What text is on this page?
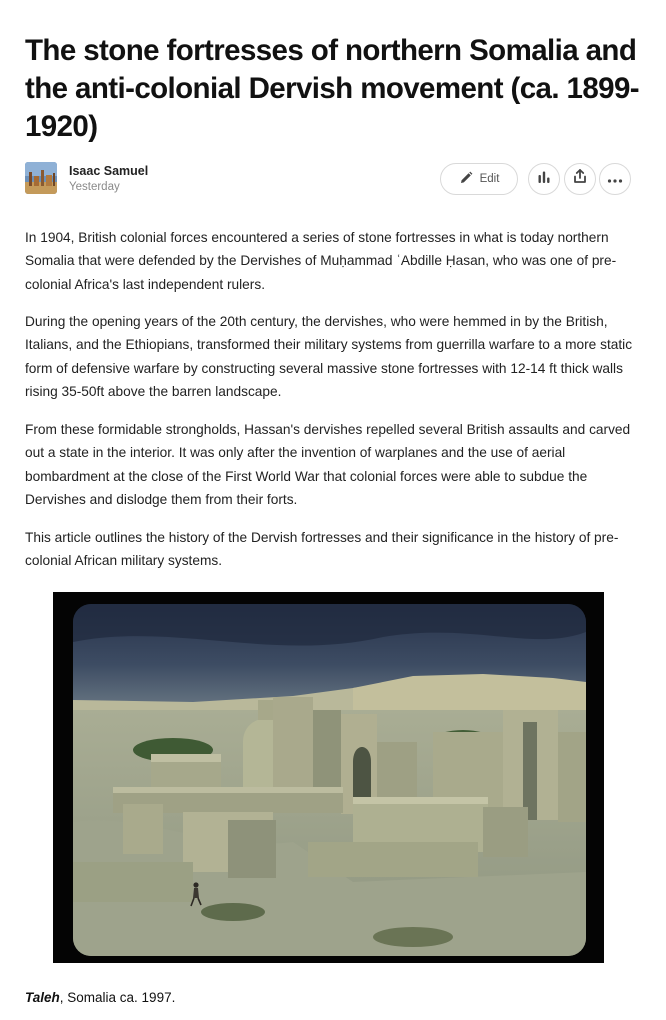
The stone fortresses of northern Somalia and the anti-colonial Dervish movement (ca. 1899-1920)
Isaac Samuel
Yesterday
Edit

In 1904, British colonial forces encountered a series of stone fortresses in what is today northern Somalia that were defended by the Dervishes of Muḥammad ʿAbdille Ḥasan, who was one of pre-colonial Africa's last independent rulers.

During the opening years of the 20th century, the dervishes, who were hemmed in by the British, Italians, and the Ethiopians, transformed their military systems from guerrilla warfare to a more static form of defensive warfare by constructing several massive stone fortresses with 12-14 ft thick walls rising 35-50ft above the barren landscape.

From these formidable strongholds, Hassan's dervishes repelled several British assaults and carved out a state in the interior. It was only after the invention of warplanes and the use of aerial bombardment at the close of the First World War that colonial forces were able to subdue the Dervishes and dislodge them from their forts.

This article outlines the history of the Dervish fortresses and their significance in the history of pre-colonial African military systems.

Taleh, Somalia ca. 1997.
